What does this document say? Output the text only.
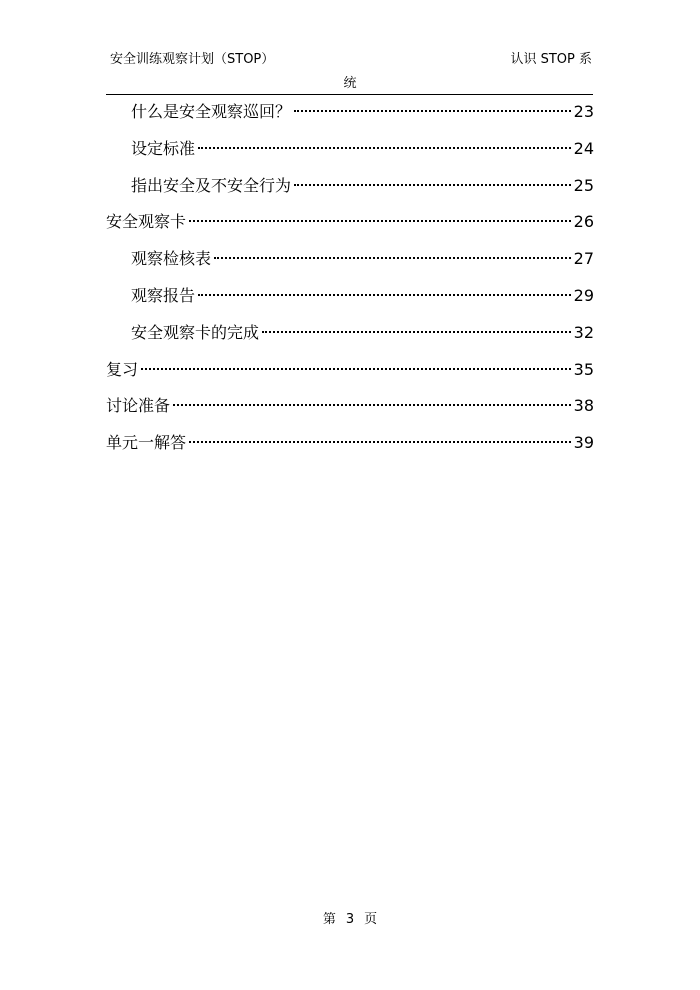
安全训练观察计划（STOP）	认识 STOP 系
统
什么是安全观察巡回？	23
设定标准	24
指出安全及不安全行为	25
安全观察卡	26
观察检核表	27
观察报告	29
安全观察卡的完成	32
复习	35
讨论准备	38
单元一解答	39
第 3 页
